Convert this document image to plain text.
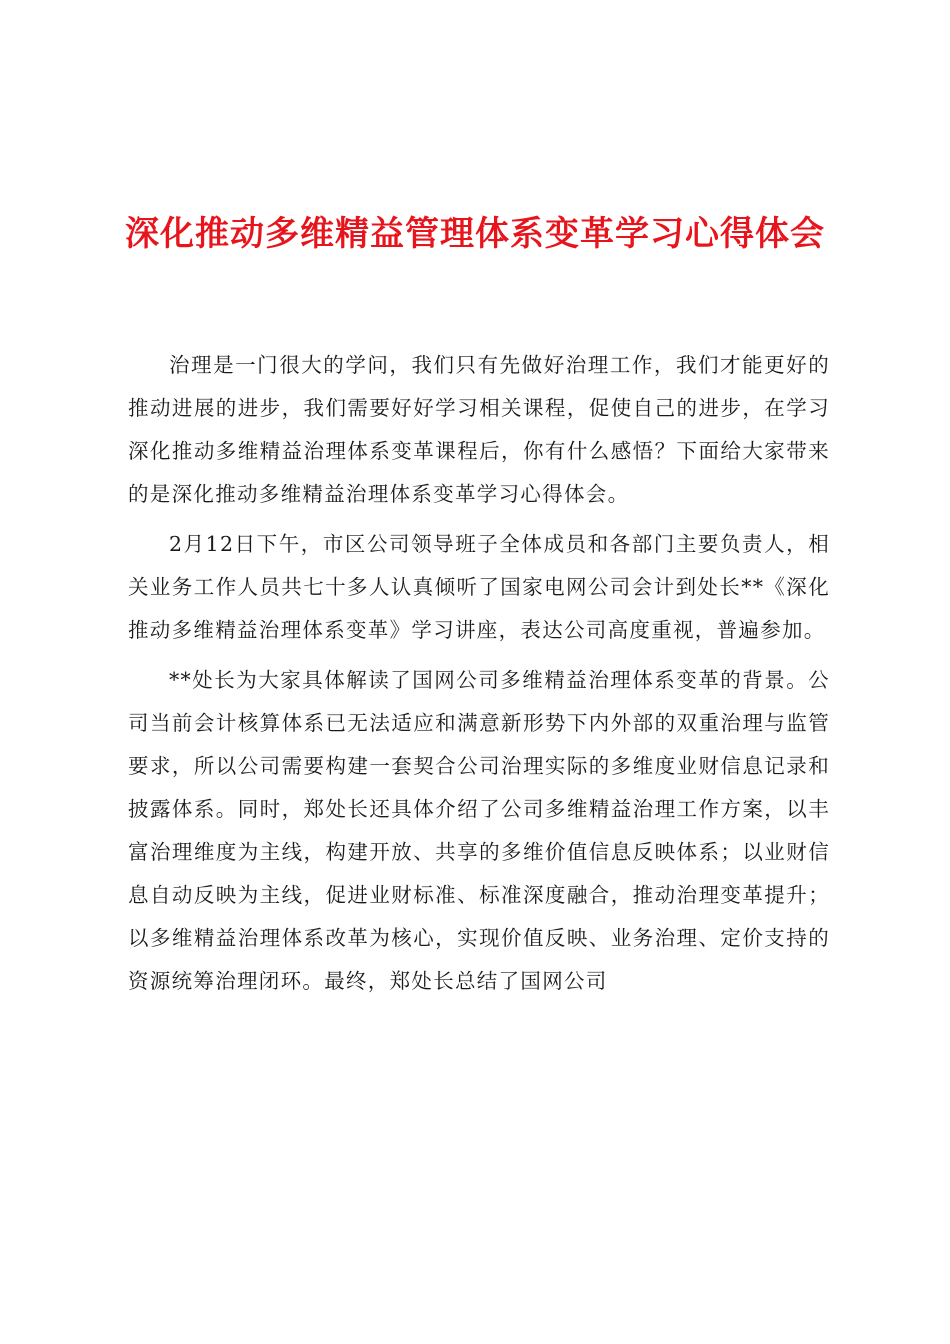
深化推动多维精益管理体系变革学习心得体会

治理是一门很大的学问，我们只有先做好治理工作，我们才能更好的推动进展的进步，我们需要好好学习相关课程，促使自己的进步，在学习深化推动多维精益治理体系变革课程后，你有什么感悟？下面给大家带来的是深化推动多维精益治理体系变革学习心得体会。

2月12日下午，市区公司领导班子全体成员和各部门主要负责人，相关业务工作人员共七十多人认真倾听了国家电网公司会计到处长**《深化推动多维精益治理体系变革》学习讲座，表达公司高度重视，普遍参加。

**处长为大家具体解读了国网公司多维精益治理体系变革的背景。公司当前会计核算体系已无法适应和满意新形势下内外部的双重治理与监管要求，所以公司需要构建一套契合公司治理实际的多维度业财信息记录和披露体系。同时，郑处长还具体介绍了公司多维精益治理工作方案，以丰富治理维度为主线，构建开放、共享的多维价值信息反映体系；以业财信息自动反映为主线，促进业财标准、标准深度融合，推动治理变革提升；以多维精益治理体系改革为核心，实现价值反映、业务治理、定价支持的资源统筹治理闭环。最终，郑处长总结了国网公司
